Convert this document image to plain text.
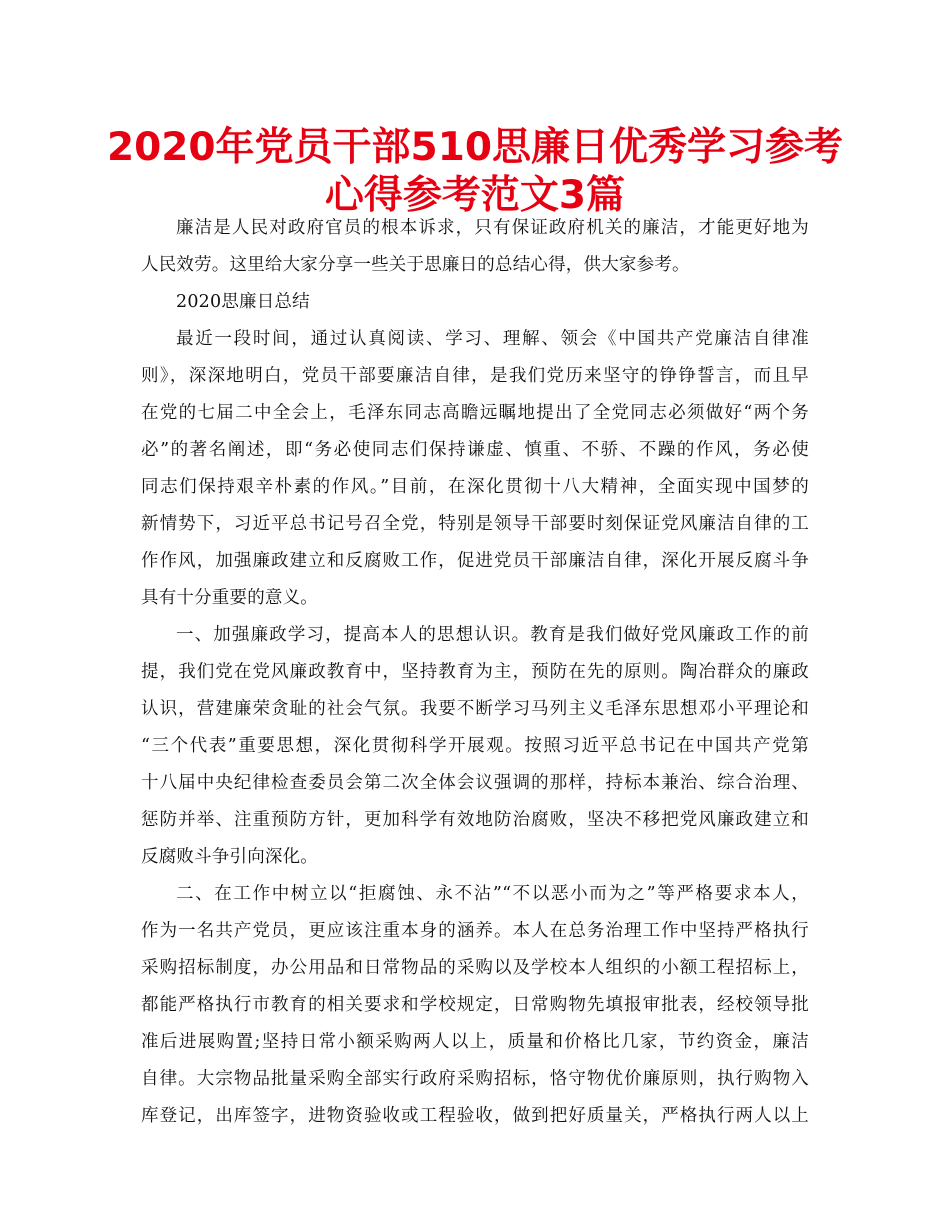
2020年党员干部510思廉日优秀学习参考
心得参考范文3篇
廉洁是人民对政府官员的根本诉求，只有保证政府机关的廉洁，才能更好地为
人民效劳。这里给大家分享一些关于思廉日的总结心得，供大家参考。
2020思廉日总结
最近一段时间，通过认真阅读、学习、理解、领会《中国共产党廉洁自律准
则》，深深地明白，党员干部要廉洁自律，是我们党历来坚守的铮铮誓言，而且早
在党的七届二中全会上，毛泽东同志高瞻远瞩地提出了全党同志必须做好“两个务
必”的著名阐述，即“务必使同志们保持谦虚、慎重、不骄、不躁的作风，务必使
同志们保持艰辛朴素的作风。”目前，在深化贯彻十八大精神，全面实现中国梦的
新情势下，习近平总书记号召全党，特别是领导干部要时刻保证党风廉洁自律的工
作作风，加强廉政建立和反腐败工作，促进党员干部廉洁自律，深化开展反腐斗争
具有十分重要的意义。
一、加强廉政学习，提高本人的思想认识。教育是我们做好党风廉政工作的前
提，我们党在党风廉政教育中，坚持教育为主，预防在先的原则。陶冶群众的廉政
认识，营建廉荣贪耻的社会气氛。我要不断学习马列主义毛泽东思想邓小平理论和
“三个代表”重要思想，深化贯彻科学开展观。按照习近平总书记在中国共产党第
十八届中央纪律检查委员会第二次全体会议强调的那样，持标本兼治、综合治理、
惩防并举、注重预防方针，更加科学有效地防治腐败，坚决不移把党风廉政建立和
反腐败斗争引向深化。
二、在工作中树立以“拒腐蚀、永不沾”“不以恶小而为之”等严格要求本人，
作为一名共产党员，更应该注重本身的涵养。本人在总务治理工作中坚持严格执行
采购招标制度，办公用品和日常物品的采购以及学校本人组织的小额工程招标上，
都能严格执行市教育的相关要求和学校规定，日常购物先填报审批表，经校领导批
准后进展购置;坚持日常小额采购两人以上，质量和价格比几家，节约资金，廉洁
自律。大宗物品批量采购全部实行政府采购招标，恪守物优价廉原则，执行购物入
库登记，出库签字，进物资验收或工程验收，做到把好质量关，严格执行两人以上
